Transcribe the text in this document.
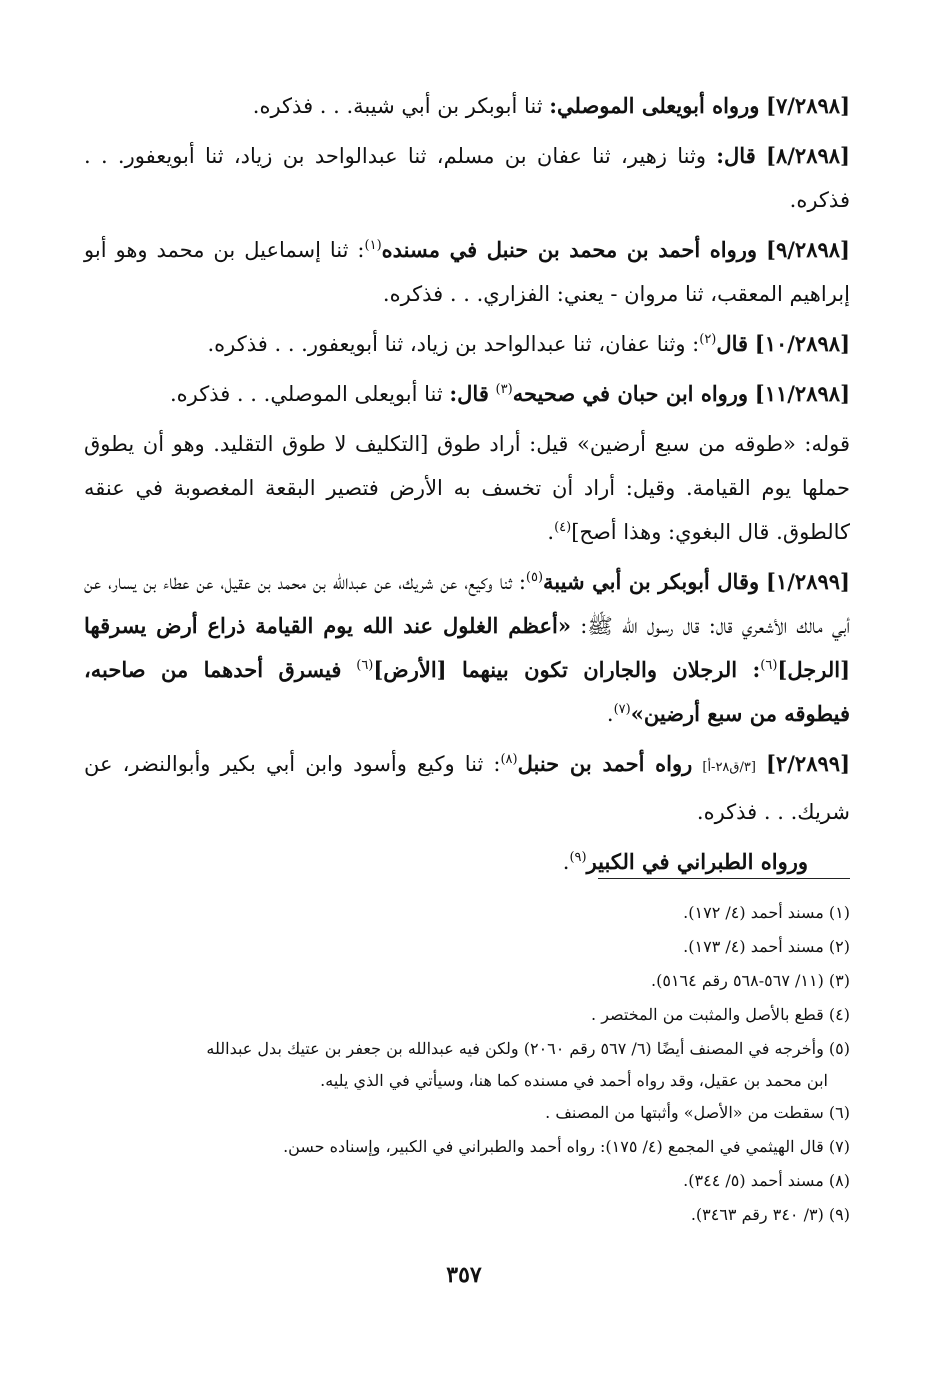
[٧/٢٨٩٨] ورواه أبويعلى الموصلي: ثنا أبوبكر بن أبي شيبة. . . فذكره.

[٨/٢٨٩٨] قال: وثنا زهير، ثنا عفان بن مسلم، ثنا عبدالواحد بن زياد، ثنا أبويعفور. . . فذكره.

[٩/٢٨٩٨] ورواه أحمد بن محمد بن حنبل في مسنده$^{(١)}$: ثنا إسماعيل بن محمد وهو أبو إبراهيم المعقب، ثنا مروان - يعني: الفزاري. . . فذكره.

[١٠/٢٨٩٨] قال$^{(٢)}$: وثنا عفان، ثنا عبدالواحد بن زياد، ثنا أبويعفور. . . فذكره.

[١١/٢٨٩٨] ورواه ابن حبان في صحيحه$^{(٣)}$ قال: ثنا أبويعلى الموصلي. . . فذكره.

قوله: «طوقه من سبع أرضين» قيل: أراد طوق [التكليف لا طوق التقليد. وهو أن يطوق حملها يوم القيامة. وقيل: أراد أن تخسف به الأرض فتصير البقعة المغصوبة في عنقه كالطوق. قال البغوي: وهذا أصح]$^{(٤)}$.

[١/٢٨٩٩] وقال أبوبكر بن أبي شيبة$^{(٥)}$: ثنا وكيع، عن شريك، عن عبدالله بن محمد بن عقيل، عن عطاء بن يسار، عن أبي مالك الأشعري قال: قال رسول الله ﷺ: «أعظم الغلول عند الله يوم القيامة ذراع أرض يسرقها [الرجل]$^{(٦)}$: الرجلان والجاران تكون بينهما [الأرض]$^{(٦)}$ فيسرق أحدهما من صاحبه، فيطوقه من سبع أرضين»$^{(٧)}$.

[٢/٢٨٩٩] [٣/ق٢٨-أ] رواه أحمد بن حنبل$^{(٨)}$: ثنا وكيع وأسود وابن أبي بكير وأبوالنضر، عن شريك. . . فذكره.

ورواه الطبراني في الكبير$^{(٩)}$.

(١) مسند أحمد (٤/ ١٧٢).

(٢) مسند أحمد (٤/ ١٧٣).

(٣) (١١/ ٥٦٧-٥٦٨ رقم ٥١٦٤).

(٤) قطع بالأصل والمثبت من المختصر .

(٥) وأخرجه في المصنف أيضًا (٦/ ٥٦٧ رقم ٢٠٦٠) ولكن فيه عبدالله بن جعفر بن عتيك بدل عبدالله
ابن محمد بن عقيل، وقد رواه أحمد في مسنده كما هنا، وسيأتي في الذي يليه.

(٦) سقطت من «الأصل» وأثبتها من المصنف .

(٧) قال الهيثمي في المجمع (٤/ ١٧٥): رواه أحمد والطبراني في الكبير، وإسناده حسن.

(٨) مسند أحمد (٥/ ٣٤٤).

(٩) (٣/ ٣٤٠ رقم ٣٤٦٣).

٣٥٧
